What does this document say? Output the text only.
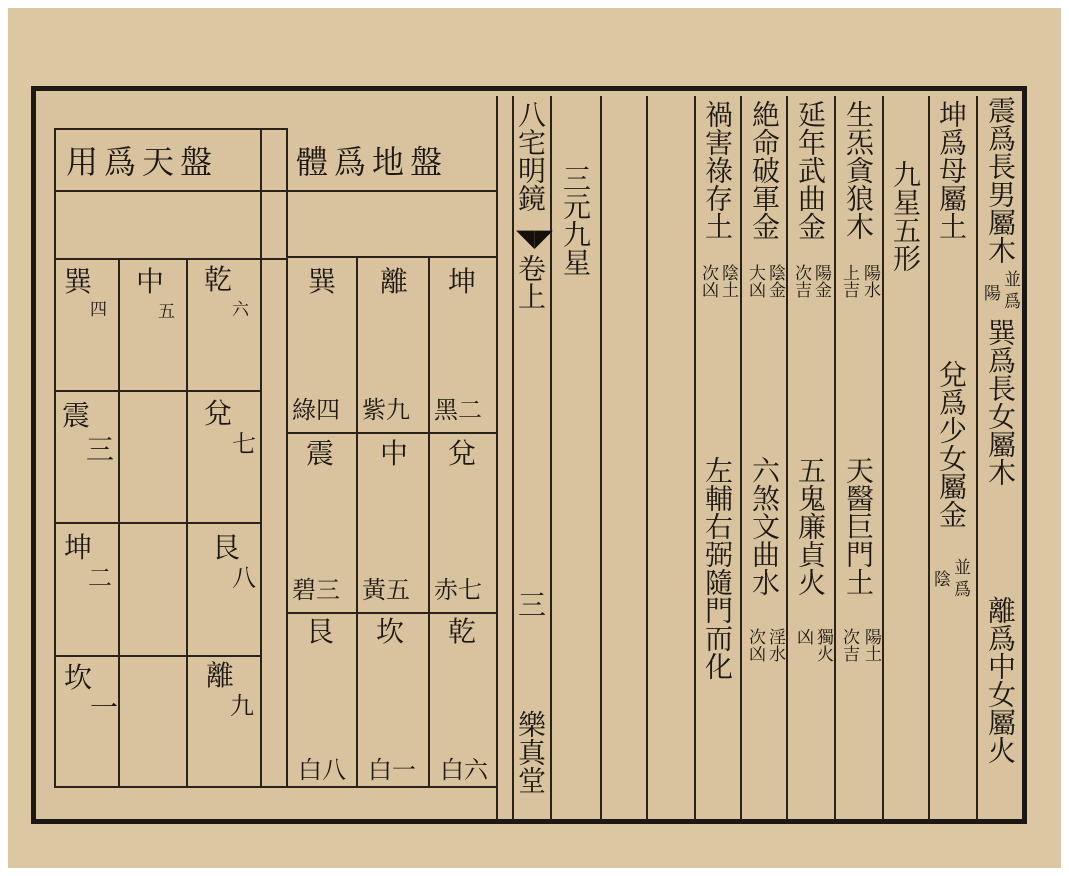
用爲天盤
巽
四
中
五
乾
六
震
三
兌
七
坤
二
艮
八
坎
一
離
九
體爲地盤
巽 離 坤
綠四 紫九 黑二
震 中 兌
碧三 黃五 赤七
艮 坎 乾
白八 白一 白六
八宅明鏡
◥◤
卷上
三
樂真堂
三元九星	禍害祿存土
陰土
次凶
左輔右弼隨門而化
絶命破軍金
陰金
大凶
六煞文曲水
淫水
次凶
延年武曲金
陽金
次吉
五鬼廉貞火
獨火
凶
生炁貪狼木
陽水
上吉
天醫巨門土
陽土
次吉
九星五形 坤爲母屬土
兌爲少女屬金
並
陰 爲
震爲長男屬木
並
陽 爲
巽爲長女屬木
離爲中女屬火
